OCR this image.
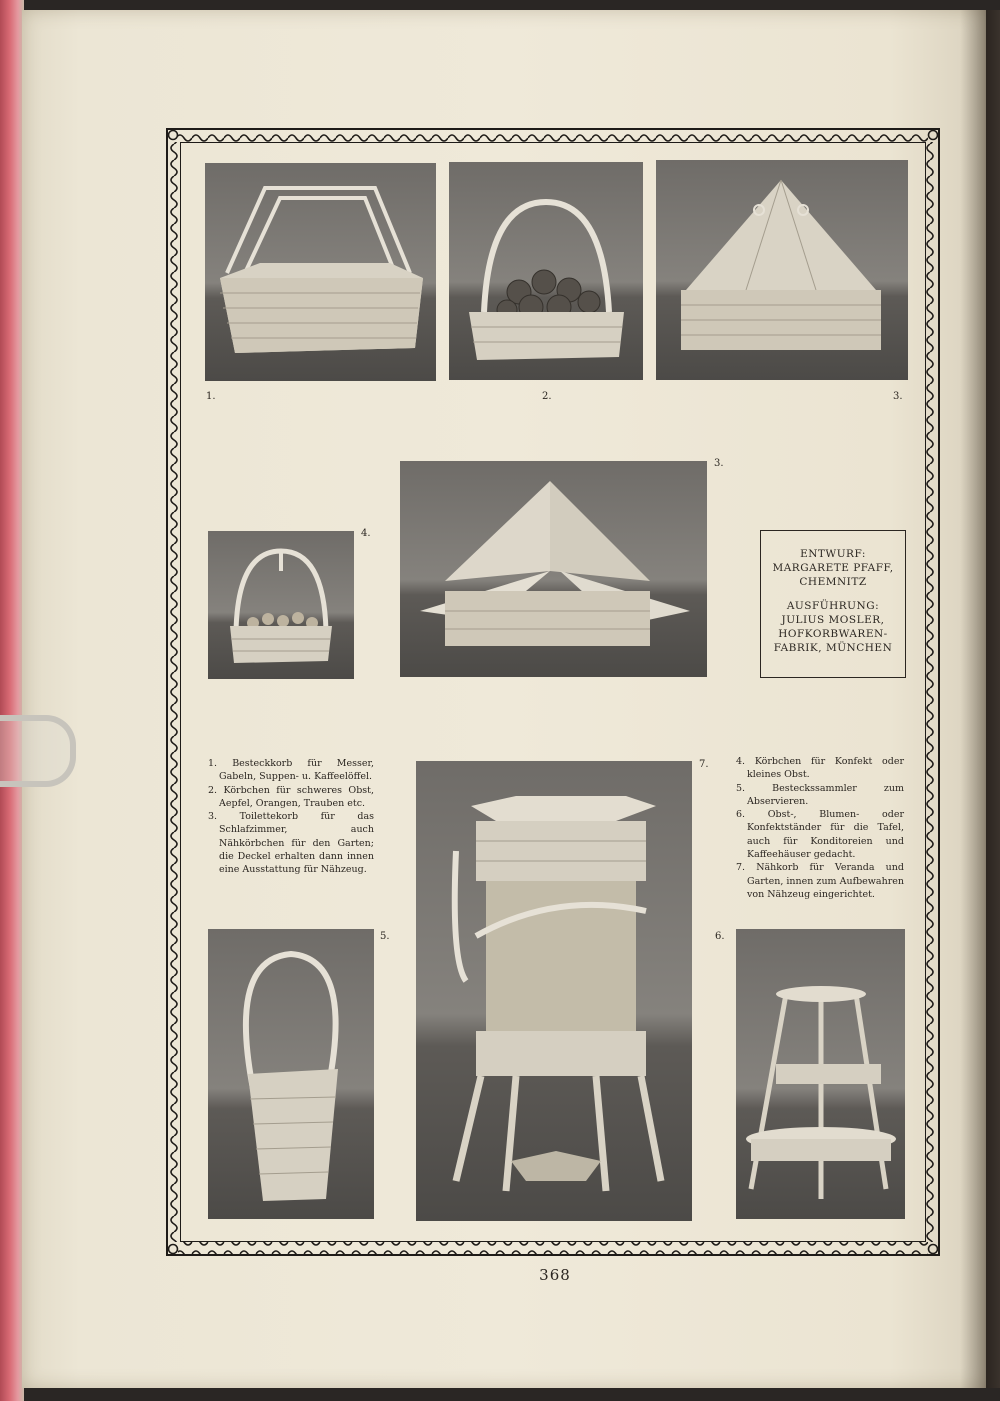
1.	2.	3.
4.
3.
ENTWURF:
MARGARETE PFAFF,
CHEMNITZ
AUSFÜHRUNG:
JULIUS MOSLER,
HOFKORBWAREN-
FABRIK, MÜNCHEN
1. Besteckkorb für Messer, Gabeln, Suppen- u. Kaffeelöffel.
2. Körbchen für schweres Obst, Aepfel, Orangen, Trauben etc.
3. Toilettekorb für das Schlafzimmer, auch Nähkörbchen für den Garten; die Deckel erhalten dann innen eine Ausstattung für Nähzeug.
7.	4. Körbchen für Konfekt oder kleines Obst.
5. Besteckssammler zum Abservieren.
6. Obst-, Blumen- oder Konfektständer für die Tafel, auch für Konditoreien und Kaffeehäuser gedacht.
7. Nähkorb für Veranda und Garten, innen zum Aufbewahren von Nähzeug eingerichtet.
5.	6.
368
